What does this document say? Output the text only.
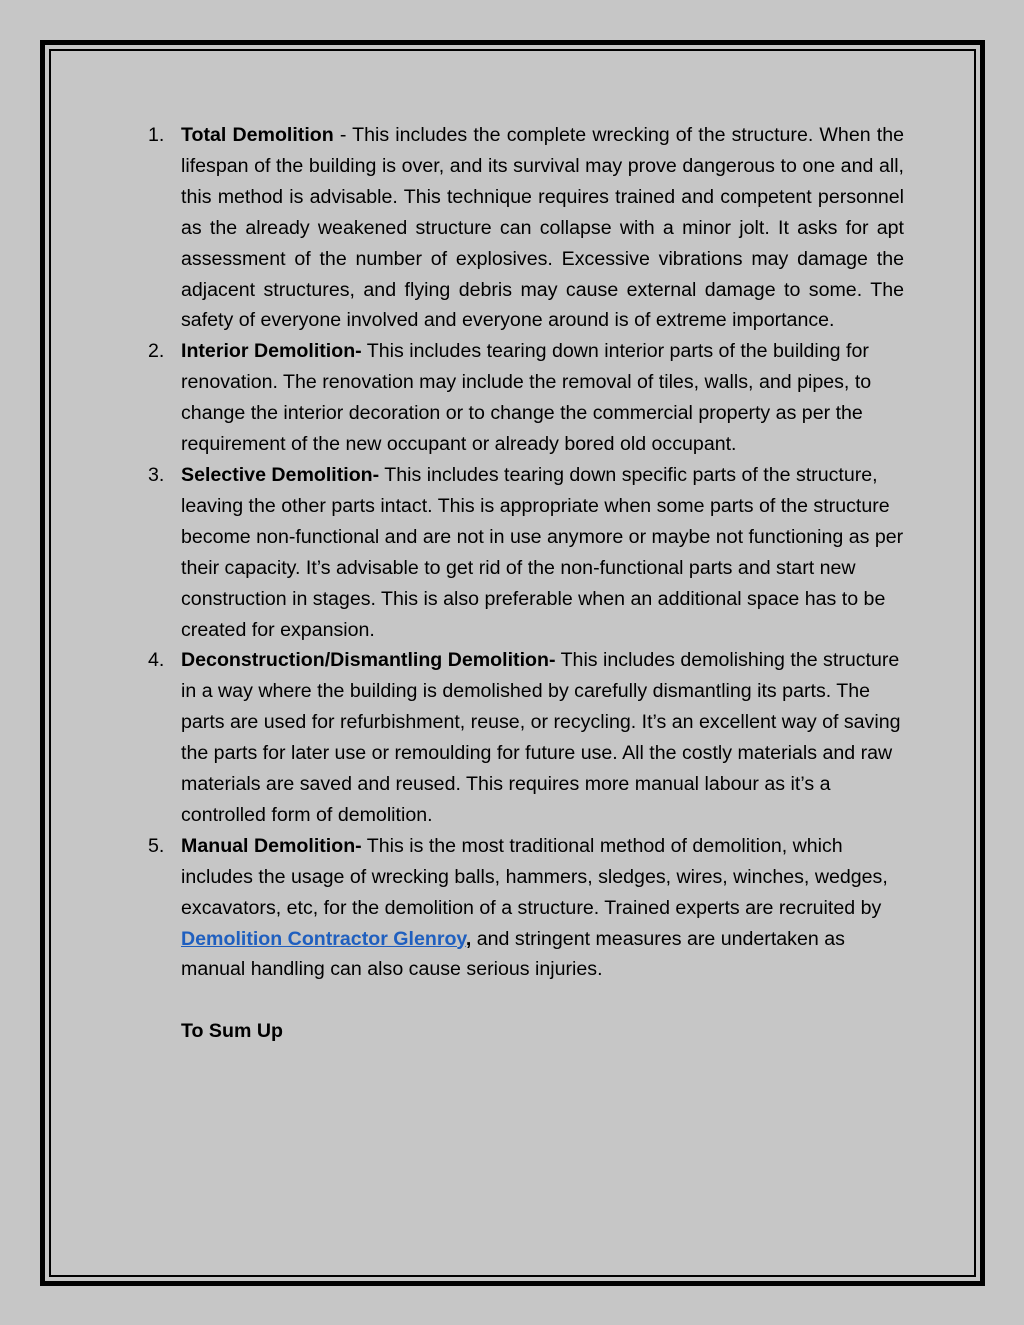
1. Total Demolition - This includes the complete wrecking of the structure. When the lifespan of the building is over, and its survival may prove dangerous to one and all, this method is advisable. This technique requires trained and competent personnel as the already weakened structure can collapse with a minor jolt. It asks for apt assessment of the number of explosives. Excessive vibrations may damage the adjacent structures, and flying debris may cause external damage to some. The safety of everyone involved and everyone around is of extreme importance.
2. Interior Demolition- This includes tearing down interior parts of the building for renovation. The renovation may include the removal of tiles, walls, and pipes, to change the interior decoration or to change the commercial property as per the requirement of the new occupant or already bored old occupant.
3. Selective Demolition- This includes tearing down specific parts of the structure, leaving the other parts intact. This is appropriate when some parts of the structure become non-functional and are not in use anymore or maybe not functioning as per their capacity. It’s advisable to get rid of the non-functional parts and start new construction in stages. This is also preferable when an additional space has to be created for expansion.
4. Deconstruction/Dismantling Demolition- This includes demolishing the structure in a way where the building is demolished by carefully dismantling its parts. The parts are used for refurbishment, reuse, or recycling. It’s an excellent way of saving the parts for later use or remoulding for future use. All the costly materials and raw materials are saved and reused. This requires more manual labour as it’s a controlled form of demolition.
5. Manual Demolition- This is the most traditional method of demolition, which includes the usage of wrecking balls, hammers, sledges, wires, winches, wedges, excavators, etc, for the demolition of a structure. Trained experts are recruited by Demolition Contractor Glenroy, and stringent measures are undertaken as manual handling can also cause serious injuries.
To Sum Up
